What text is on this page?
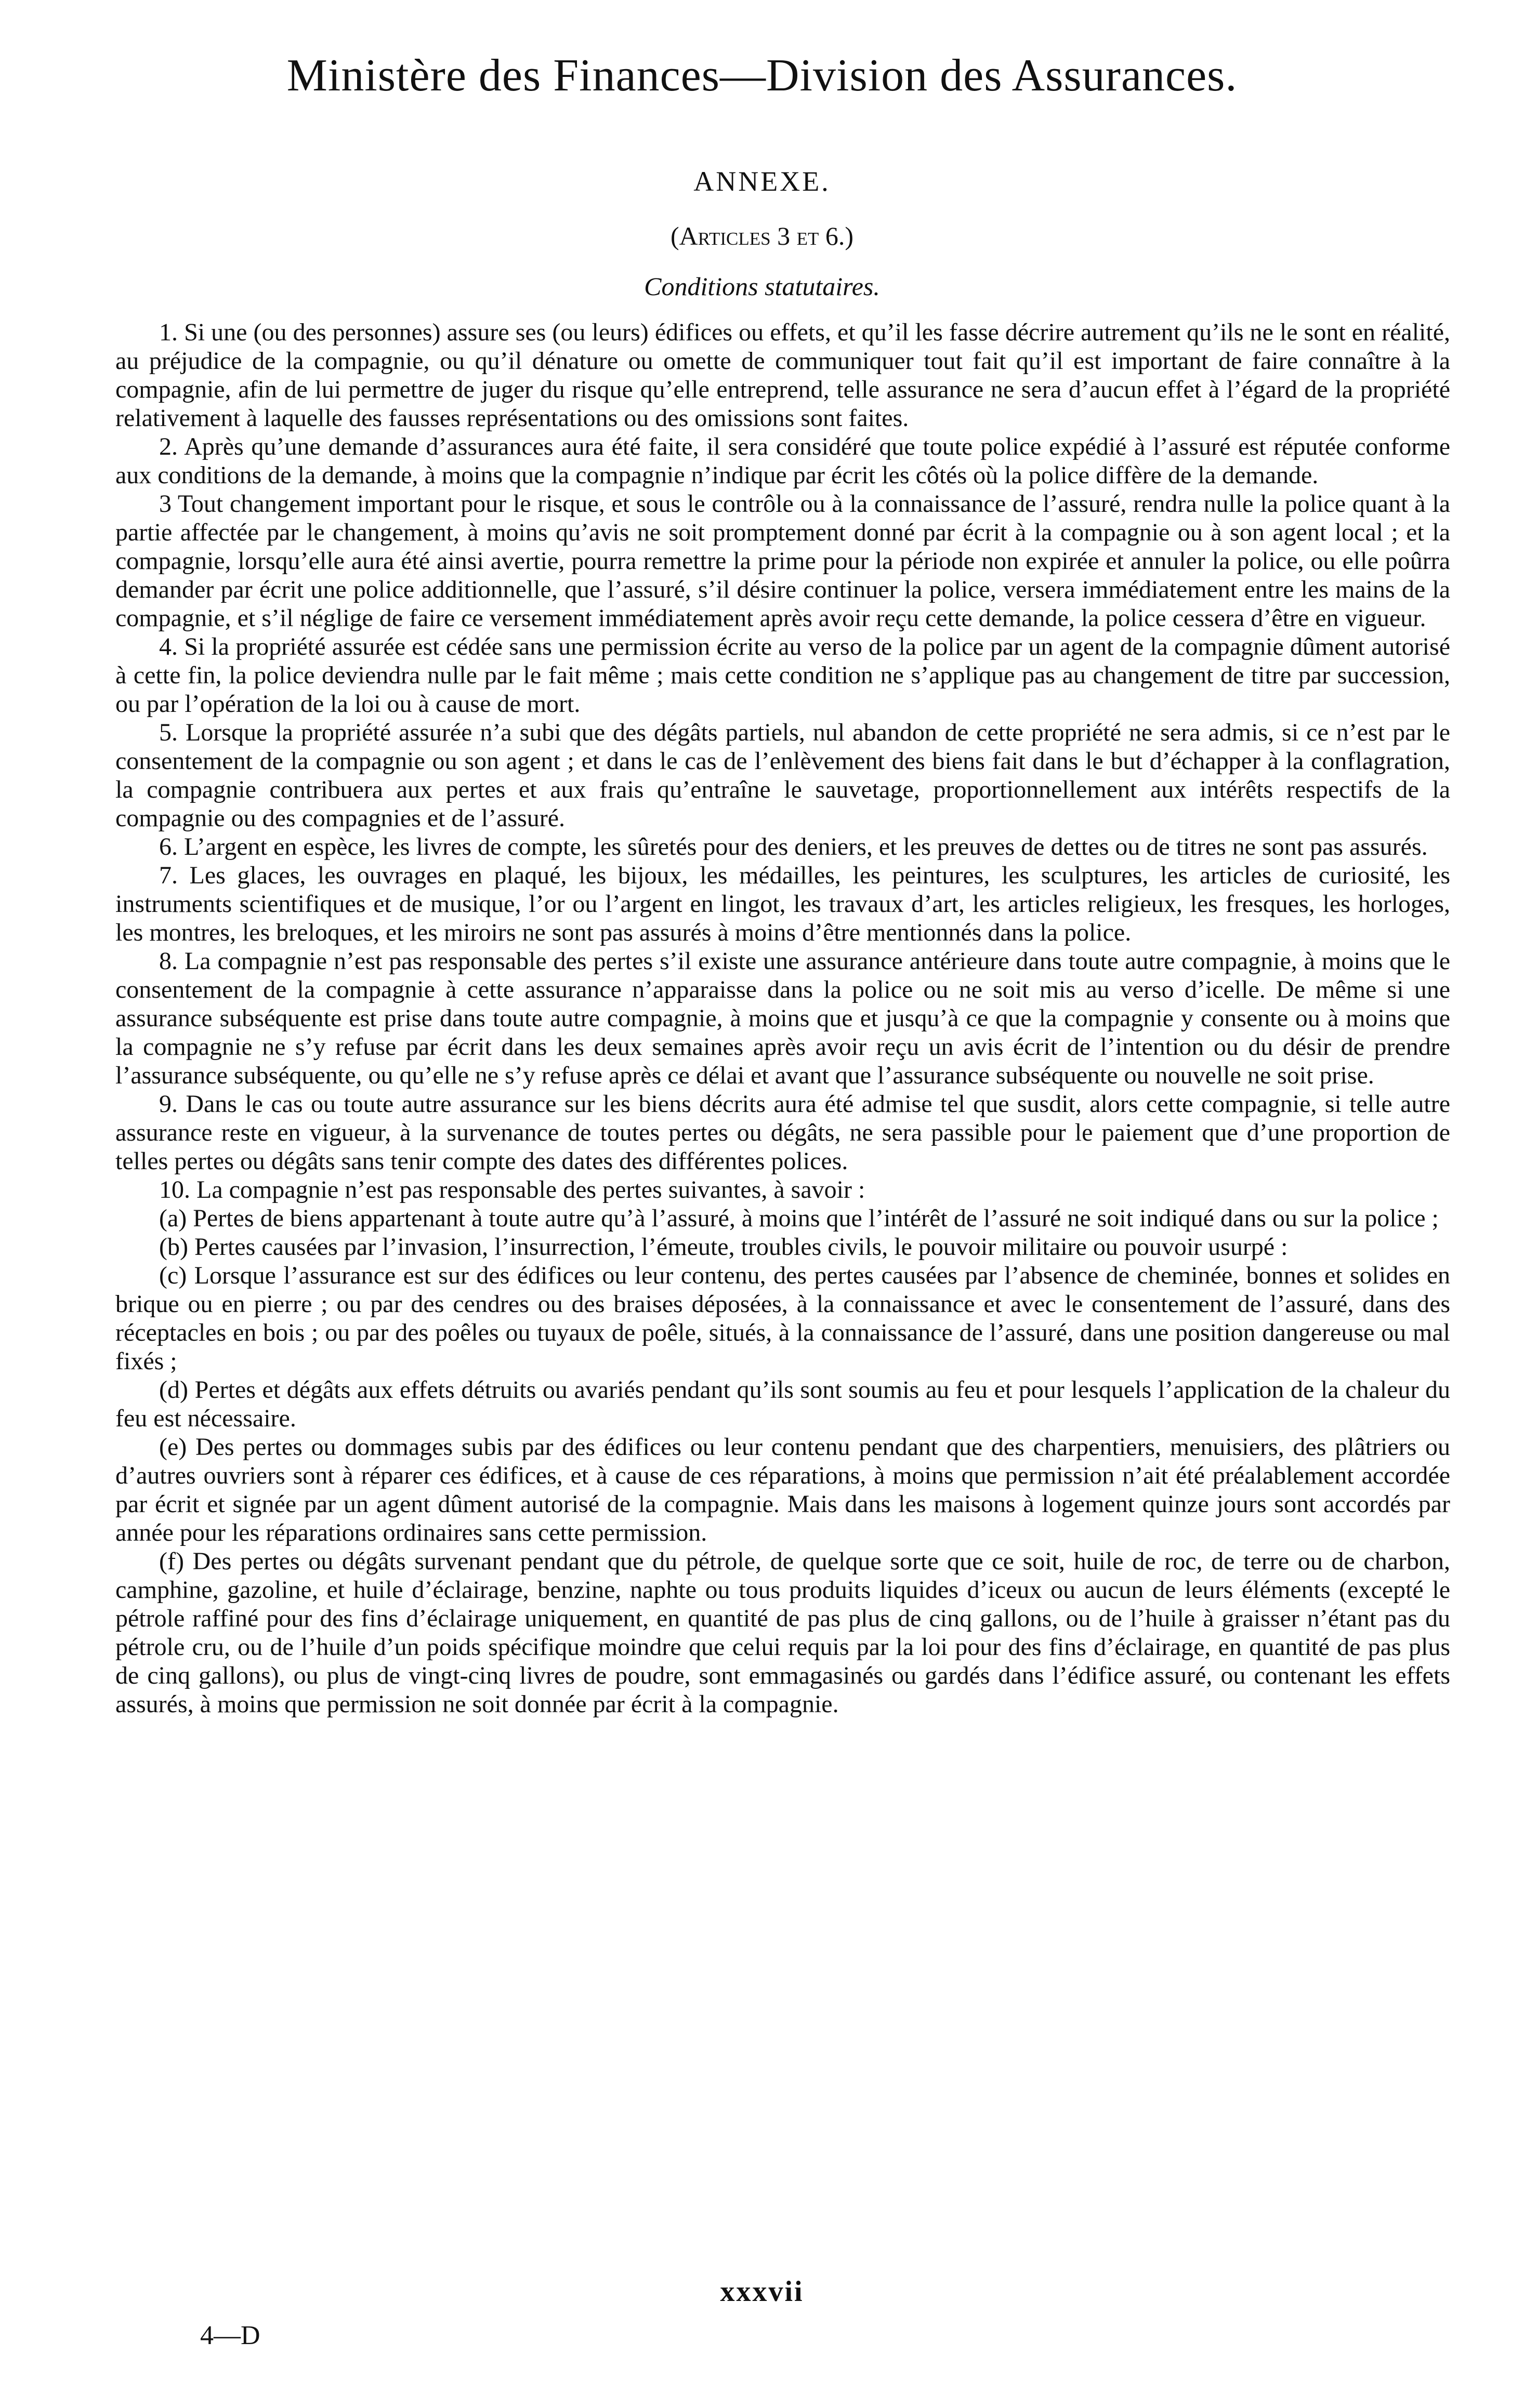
Ministère des Finances—Division des Assurances.
ANNEXE.
(Articles 3 et 6.)
Conditions statutaires.

1. Si une (ou des personnes) assure ses (ou leurs) édifices ou effets, et qu’il les fasse décrire autrement qu’ils ne le sont en réalité, au préjudice de la compagnie, ou qu’il dénature ou omette de communiquer tout fait qu’il est important de faire connaître à la compagnie, afin de lui permettre de juger du risque qu’elle entreprend, telle assurance ne sera d’aucun effet à l’égard de la propriété relativement à laquelle des fausses représentations ou des omissions sont faites.

2. Après qu’une demande d’assurances aura été faite, il sera considéré que toute police expédié à l’assuré est réputée conforme aux conditions de la demande, à moins que la compagnie n’indique par écrit les côtés où la police diffère de la demande.

3 Tout changement important pour le risque, et sous le contrôle ou à la connaissance de l’assuré, rendra nulle la police quant à la partie affectée par le changement, à moins qu’avis ne soit promptement donné par écrit à la compagnie ou à son agent local ; et la compagnie, lorsqu’elle aura été ainsi avertie, pourra remettre la prime pour la période non expirée et annuler la police, ou elle poûrra demander par écrit une police additionnelle, que l’assuré, s’il désire continuer la police, versera immédiatement entre les mains de la compagnie, et s’il néglige de faire ce versement immédiatement après avoir reçu cette demande, la police cessera d’être en vigueur.

4. Si la propriété assurée est cédée sans une permission écrite au verso de la police par un agent de la compagnie dûment autorisé à cette fin, la police deviendra nulle par le fait même ; mais cette condition ne s’applique pas au changement de titre par succession, ou par l’opération de la loi ou à cause de mort.

5. Lorsque la propriété assurée n’a subi que des dégâts partiels, nul abandon de cette propriété ne sera admis, si ce n’est par le consentement de la compagnie ou son agent ; et dans le cas de l’enlèvement des biens fait dans le but d’échapper à la conflagration, la compagnie contribuera aux pertes et aux frais qu’entraîne le sauvetage, proportionnellement aux intérêts respectifs de la compagnie ou des compagnies et de l’assuré.

6. L’argent en espèce, les livres de compte, les sûretés pour des deniers, et les preuves de dettes ou de titres ne sont pas assurés.

7. Les glaces, les ouvrages en plaqué, les bijoux, les médailles, les peintures, les sculptures, les articles de curiosité, les instruments scientifiques et de musique, l’or ou l’argent en lingot, les travaux d’art, les articles religieux, les fresques, les horloges, les montres, les breloques, et les miroirs ne sont pas assurés à moins d’être mentionnés dans la police.

8. La compagnie n’est pas responsable des pertes s’il existe une assurance antérieure dans toute autre compagnie, à moins que le consentement de la compagnie à cette assurance n’apparaisse dans la police ou ne soit mis au verso d’icelle. De même si une assurance subséquente est prise dans toute autre compagnie, à moins que et jusqu’à ce que la compagnie y consente ou à moins que la compagnie ne s’y refuse par écrit dans les deux semaines après avoir reçu un avis écrit de l’intention ou du désir de prendre l’assurance subséquente, ou qu’elle ne s’y refuse après ce délai et avant que l’assurance subséquente ou nouvelle ne soit prise.

9. Dans le cas ou toute autre assurance sur les biens décrits aura été admise tel que susdit, alors cette compagnie, si telle autre assurance reste en vigueur, à la survenance de toutes pertes ou dégâts, ne sera passible pour le paiement que d’une proportion de telles pertes ou dégâts sans tenir compte des dates des différentes polices.

10. La compagnie n’est pas responsable des pertes suivantes, à savoir :

(a) Pertes de biens appartenant à toute autre qu’à l’assuré, à moins que l’intérêt de l’assuré ne soit indiqué dans ou sur la police ;

(b) Pertes causées par l’invasion, l’insurrection, l’émeute, troubles civils, le pouvoir militaire ou pouvoir usurpé :

(c) Lorsque l’assurance est sur des édifices ou leur contenu, des pertes causées par l’absence de cheminée, bonnes et solides en brique ou en pierre ; ou par des cendres ou des braises déposées, à la connaissance et avec le consentement de l’assuré, dans des réceptacles en bois ; ou par des poêles ou tuyaux de poêle, situés, à la connaissance de l’assuré, dans une position dangereuse ou mal fixés ;

(d) Pertes et dégâts aux effets détruits ou avariés pendant qu’ils sont soumis au feu et pour lesquels l’application de la chaleur du feu est nécessaire.

(e) Des pertes ou dommages subis par des édifices ou leur contenu pendant que des charpentiers, menuisiers, des plâtriers ou d’autres ouvriers sont à réparer ces édifices, et à cause de ces réparations, à moins que permission n’ait été préalablement accordée par écrit et signée par un agent dûment autorisé de la compagnie. Mais dans les maisons à logement quinze jours sont accordés par année pour les réparations ordinaires sans cette permission.

(f) Des pertes ou dégâts survenant pendant que du pétrole, de quelque sorte que ce soit, huile de roc, de terre ou de charbon, camphine, gazoline, et huile d’éclairage, benzine, naphte ou tous produits liquides d’iceux ou aucun de leurs éléments (excepté le pétrole raffiné pour des fins d’éclairage uniquement, en quantité de pas plus de cinq gallons, ou de l’huile à graisser n’étant pas du pétrole cru, ou de l’huile d’un poids spécifique moindre que celui requis par la loi pour des fins d’éclairage, en quantité de pas plus de cinq gallons), ou plus de vingt-cinq livres de poudre, sont emmagasinés ou gardés dans l’édifice assuré, ou contenant les effets assurés, à moins que permission ne soit donnée par écrit à la compagnie.

xxxvii
4—D
